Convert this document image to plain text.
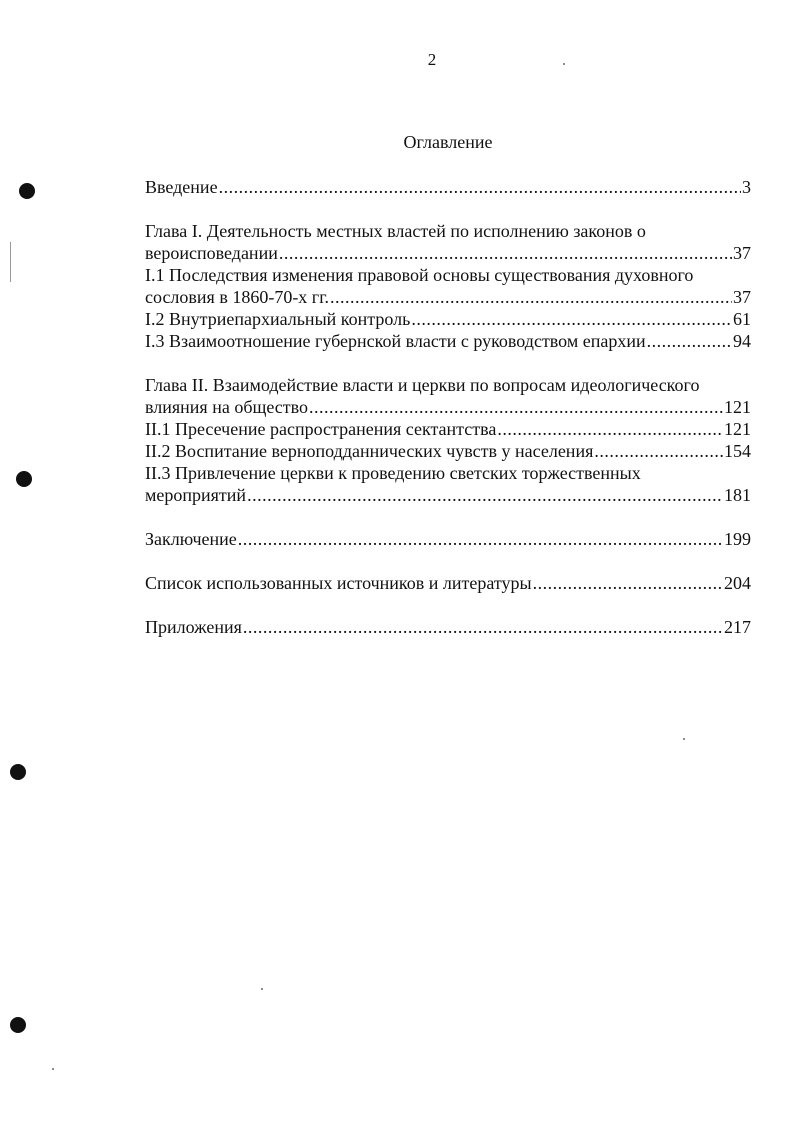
2
Оглавление
Введение .....	3
Глава I. Деятельность местных властей по исполнению законов о
вероисповедании .....	37
I.1 Последствия изменения правовой основы существования духовного
сословия в 1860-70-х гг. .....	37
I.2 Внутриепархиальный контроль .....	61
I.3 Взаимоотношение губернской власти с руководством епархии .....	94
Глава II. Взаимодействие власти и церкви по вопросам идеологического
влияния на общество .....	121
II.1 Пресечение распространения сектантства .....	121
II.2 Воспитание верноподданнических чувств у населения .....	154
II.3 Привлечение церкви к проведению светских торжественных
мероприятий .....	181
Заключение .....	199
Список использованных источников и литературы .....	204
Приложения .....	217
